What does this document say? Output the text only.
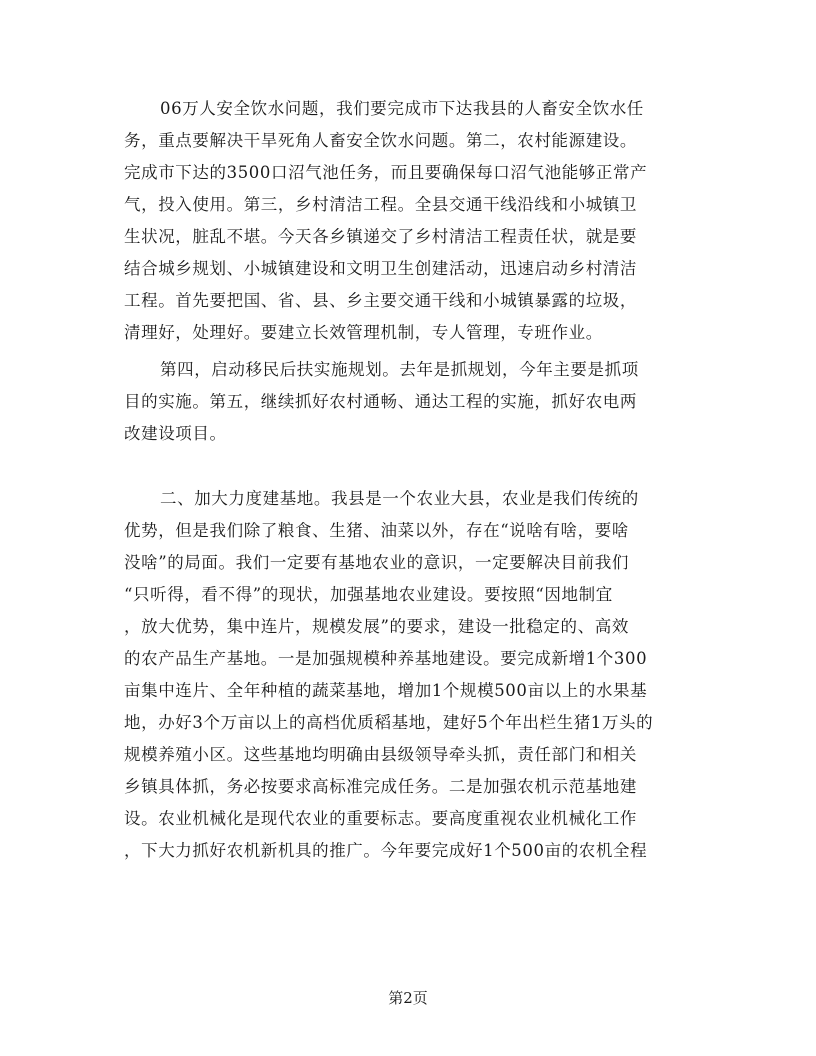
06万人安全饮水问题，我们要完成市下达我县的人畜安全饮水任
务，重点要解决干旱死角人畜安全饮水问题。第二，农村能源建设。
完成市下达的3500口沼气池任务，而且要确保每口沼气池能够正常产
气，投入使用。第三，乡村清洁工程。全县交通干线沿线和小城镇卫
生状况，脏乱不堪。今天各乡镇递交了乡村清洁工程责任状，就是要
结合城乡规划、小城镇建设和文明卫生创建活动，迅速启动乡村清洁
工程。首先要把国、省、县、乡主要交通干线和小城镇暴露的垃圾，
清理好，处理好。要建立长效管理机制，专人管理，专班作业。
第四，启动移民后扶实施规划。去年是抓规划，今年主要是抓项
目的实施。第五，继续抓好农村通畅、通达工程的实施，抓好农电两
改建设项目。
二、加大力度建基地。我县是一个农业大县，农业是我们传统的
优势，但是我们除了粮食、生猪、油菜以外，存在“说啥有啥，要啥
没啥”的局面。我们一定要有基地农业的意识，一定要解决目前我们
“只听得，看不得”的现状，加强基地农业建设。要按照“因地制宜
，放大优势，集中连片，规模发展”的要求，建设一批稳定的、高效
的农产品生产基地。一是加强规模种养基地建设。要完成新增1个300
亩集中连片、全年种植的蔬菜基地，增加1个规模500亩以上的水果基
地，办好3个万亩以上的高档优质稻基地，建好5个年出栏生猪1万头的
规模养殖小区。这些基地均明确由县级领导牵头抓，责任部门和相关
乡镇具体抓，务必按要求高标准完成任务。二是加强农机示范基地建
设。农业机械化是现代农业的重要标志。要高度重视农业机械化工作
，下大力抓好农机新机具的推广。今年要完成好1个500亩的农机全程
第2页
